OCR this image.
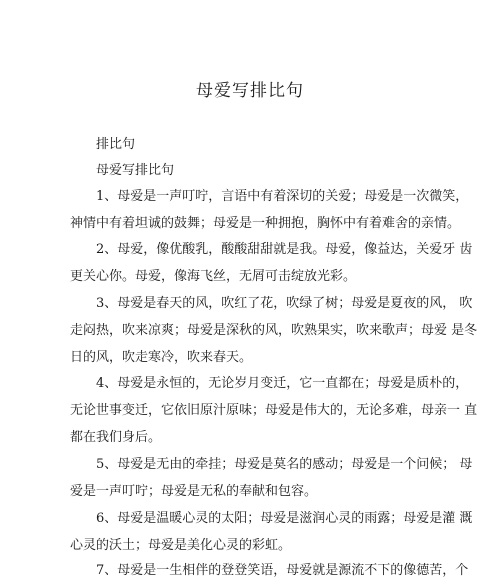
母爱写排比句

排比句

母爱写排比句

1、母爱是一声叮咛，言语中有着深切的关爱；母爱是一次微笑，

神情中有着坦诚的鼓舞；母爱是一种拥抱，胸怀中有着难舍的亲情。

2、母爱，像优酸乳，酸酸甜甜就是我。母爱，像益达，关爱牙 齿

更关心你。母爱，像海飞丝，无屑可击绽放光彩。

3、母爱是春天的风，吹红了花，吹绿了树；母爱是夏夜的风， 吹

走闷热，吹来凉爽；母爱是深秋的风，吹熟果实，吹来歌声；母爱 是冬

日的风，吹走寒冷，吹来春天。

4、母爱是永恒的，无论岁月变迁，它一直都在；母爱是质朴的，

无论世事变迁，它依旧原汁原味；母爱是伟大的，无论多难，母亲一 直

都在我们身后。

5、母爱是无由的牵挂；母爱是莫名的感动；母爱是一个问候； 母

爱是一声叮咛；母爱是无私的奉献和包容。

6、母爱是温暖心灵的太阳；母爱是滋润心灵的雨露；母爱是灌 溉

心灵的沃土；母爱是美化心灵的彩虹。

7、母爱是一生相伴的登登笑语，母爱就是源流不下的像德苦，个
